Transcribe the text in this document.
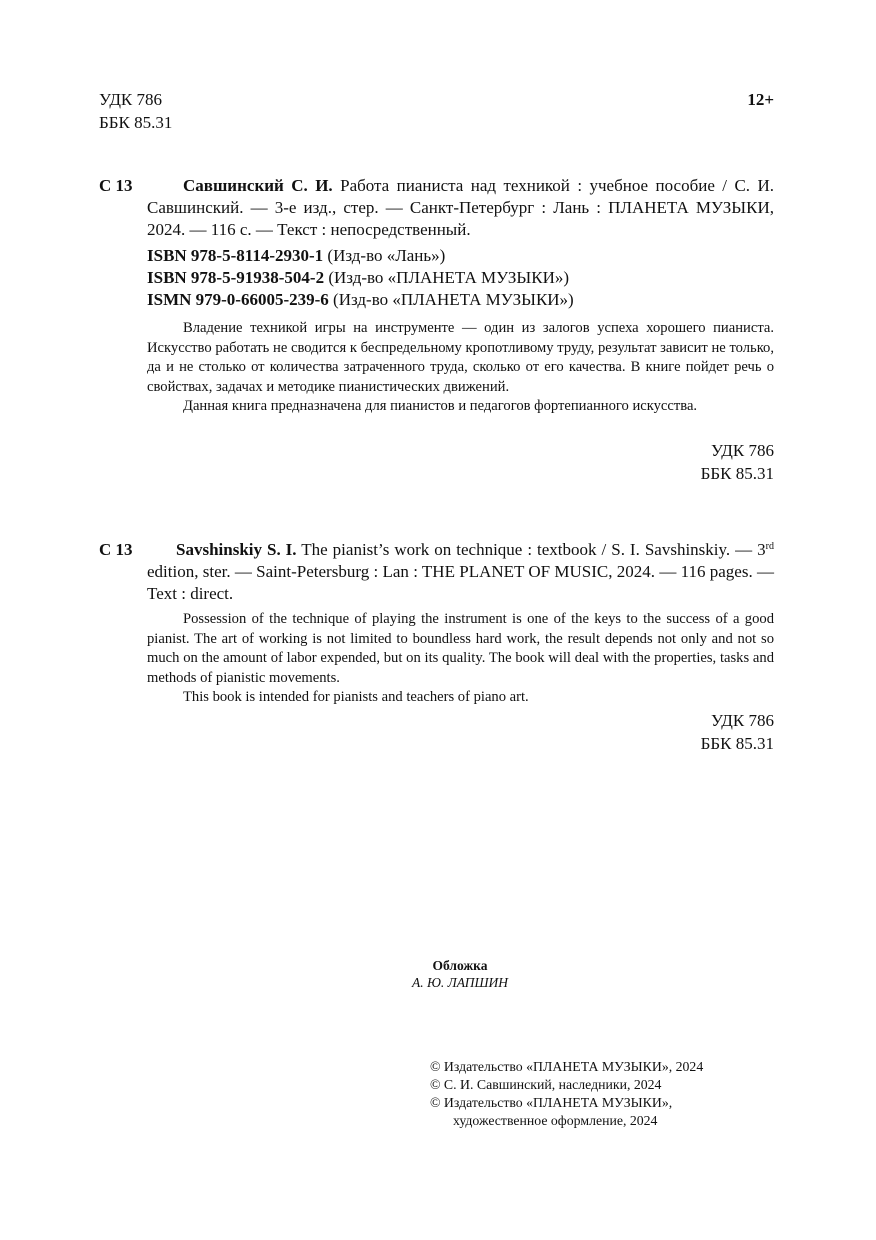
УДК 786
ББК 85.31
12+
С 13	Савшинский С. И. Работа пианиста над техникой : учебное пособие / С. И. Савшинский. — 3-е изд., стер. — Санкт-Петербург : Лань : ПЛАНЕТА МУЗЫКИ, 2024. — 116 с. — Текст : непосредственный.
ISBN 978-5-8114-2930-1 (Изд-во «Лань»)
ISBN 978-5-91938-504-2 (Изд-во «ПЛАНЕТА МУЗЫКИ»)
ISMN 979-0-66005-239-6 (Изд-во «ПЛАНЕТА МУЗЫКИ»)

Владение техникой игры на инструменте — один из залогов успеха хорошего пианиста. Искусство работать не сводится к беспредельному кропотливому труду, результат зависит не только, да и не столько от количества затраченного труда, сколько от его качества. В книге пойдет речь о свойствах, задачах и методике пианистических движений.

Данная книга предназначена для пианистов и педагогов фортепианного искусства.

УДК 786
ББК 85.31
С 13	Savshinskiy S. I. The pianist’s work on technique : textbook / S. I. Savshinskiy. — 3rd edition, ster. — Saint-Petersburg : Lan : THE PLANET OF MUSIC, 2024. — 116 pages. — Text : direct.

Possession of the technique of playing the instrument is one of the keys to the success of a good pianist. The art of working is not limited to boundless hard work, the result depends not only and not so much on the amount of labor expended, but on its quality. The book will deal with the properties, tasks and methods of pianistic movements.

This book is intended for pianists and teachers of piano art.

УДК 786
ББК 85.31
Обложка
А. Ю. ЛАПШИН
© Издательство «ПЛАНЕТА МУЗЫКИ», 2024
© С. И. Савшинский, наследники, 2024
© Издательство «ПЛАНЕТА МУЗЫКИ»,
художественное оформление, 2024
